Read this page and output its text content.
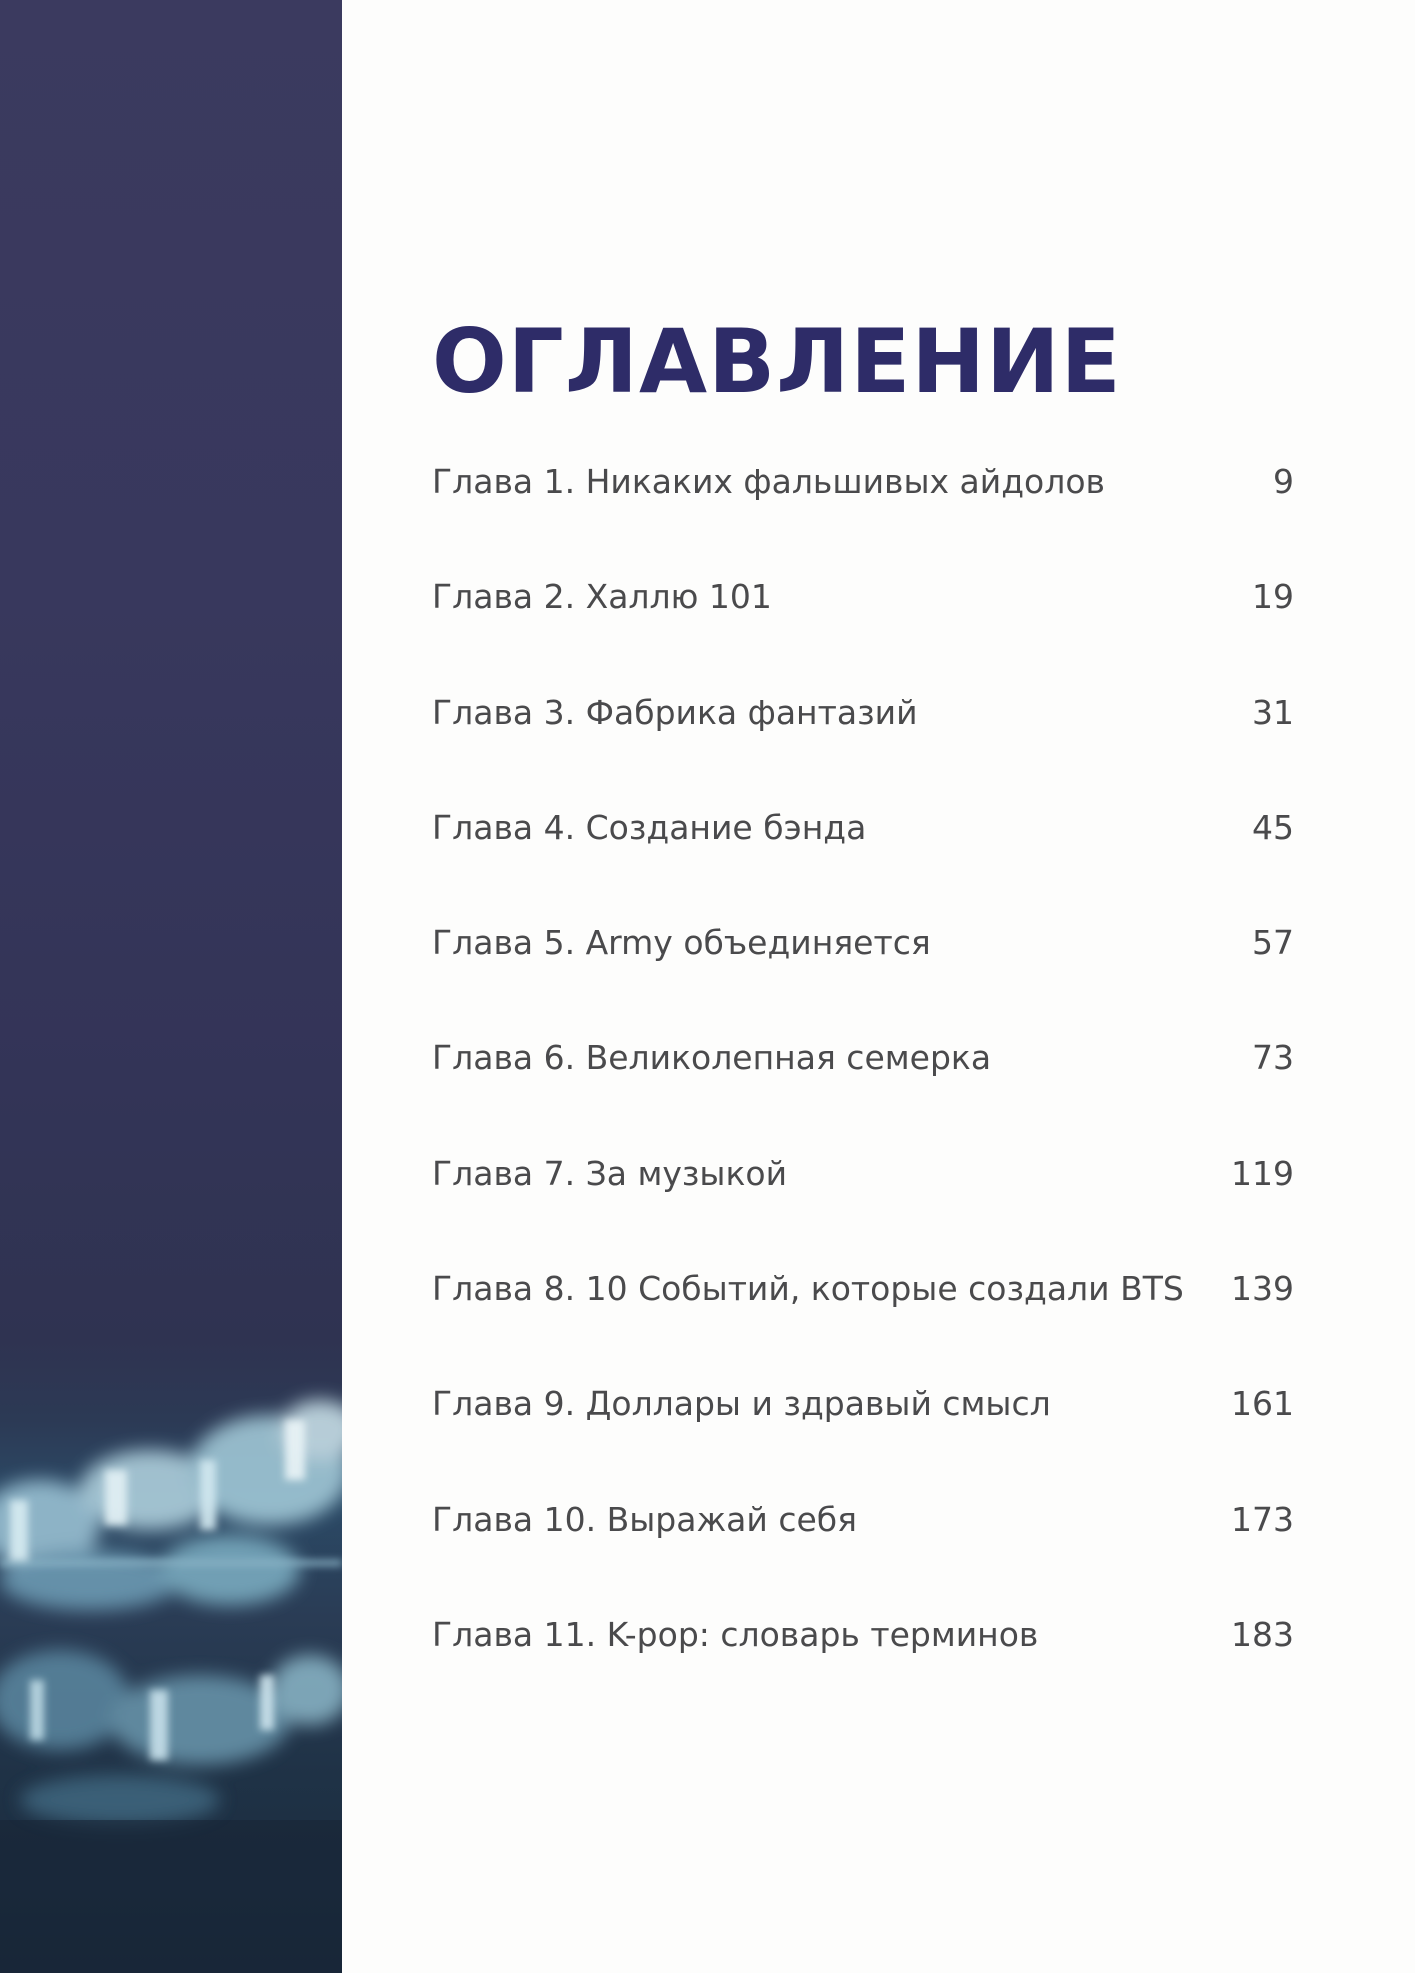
ОГЛАВЛЕНИЕ
Глава 1. Никаких фальшивых айдолов	9
Глава 2. Халлю 101	19
Глава 3. Фабрика фантазий	31
Глава 4. Создание бэнда	45
Глава 5. Army объединяется	57
Глава 6. Великолепная семерка	73
Глава 7. За музыкой	119
Глава 8. 10 Событий, которые создали BTS 139
Глава 9. Доллары и здравый смысл	161
Глава 10. Выражай себя	173
Глава 11. K-pop: словарь терминов	183
